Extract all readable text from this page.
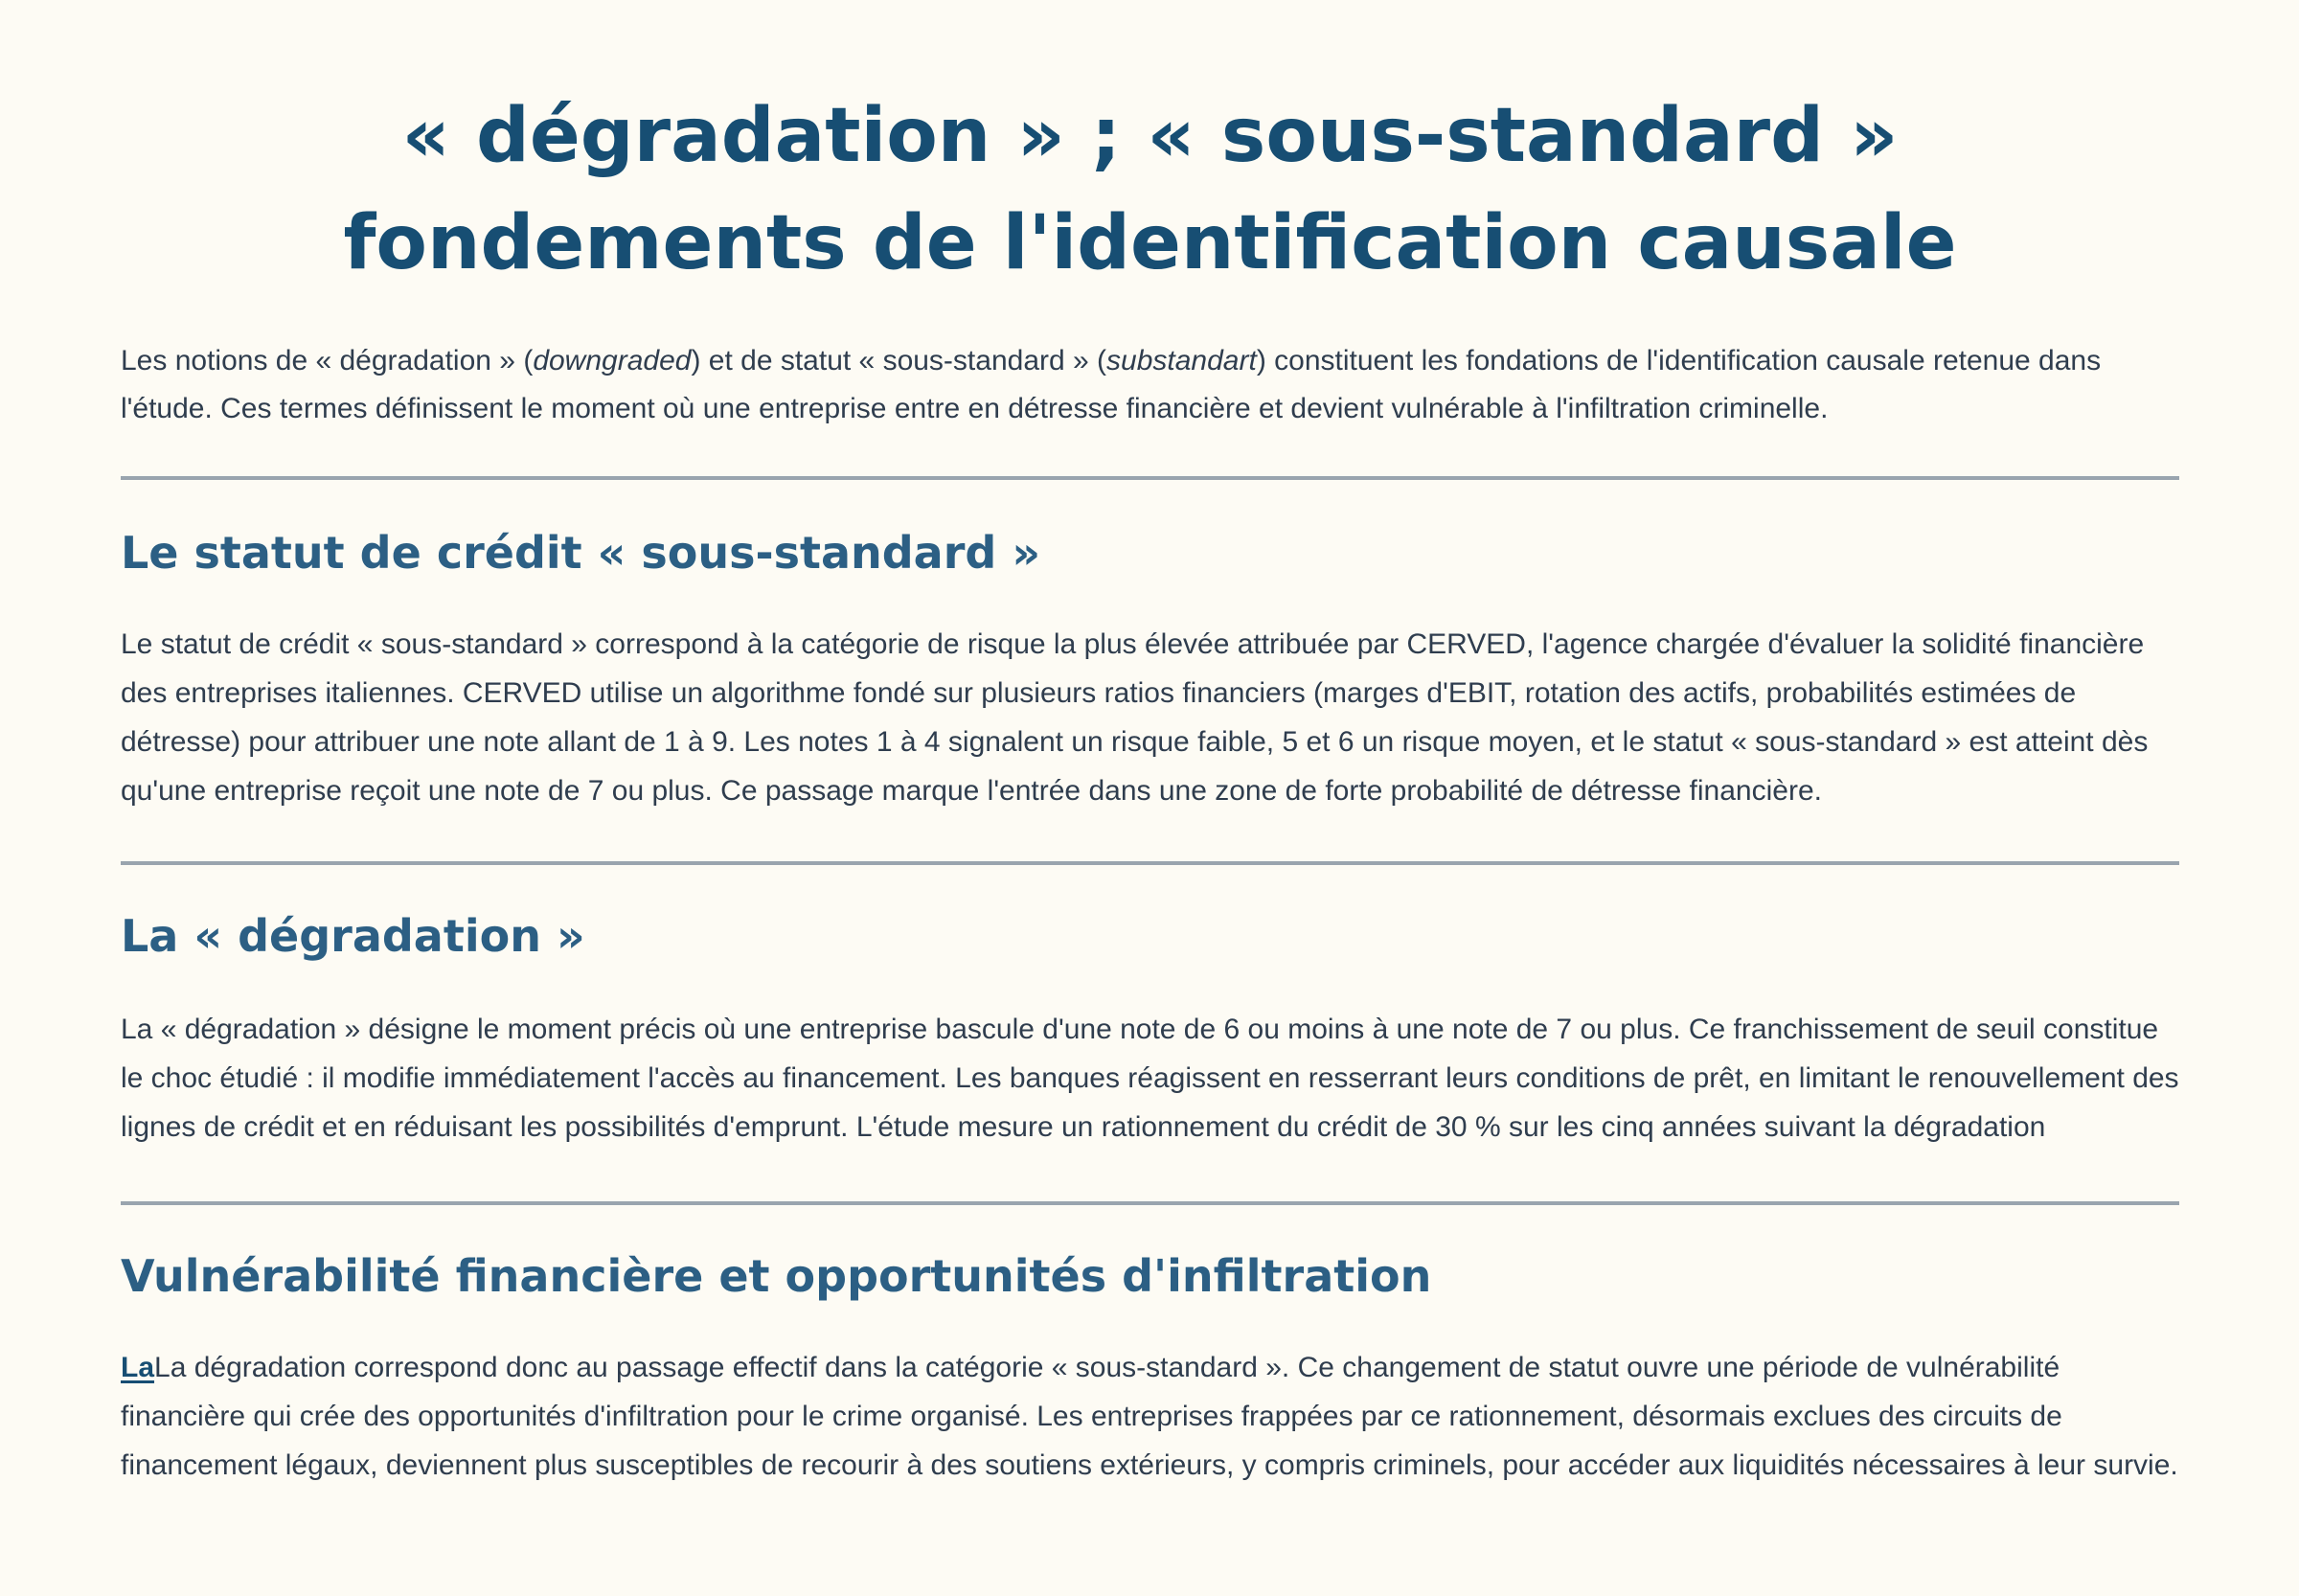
« dégradation » ; « sous-standard »
fondements de l'identification causale

Les notions de « dégradation » (downgraded) et de statut « sous-standard » (substandart) constituent les fondations de l'identification causale retenue dans l'étude. Ces termes définissent le moment où une entreprise entre en détresse financière et devient vulnérable à l'infiltration criminelle.

Le statut de crédit « sous-standard »

Le statut de crédit « sous-standard » correspond à la catégorie de risque la plus élevée attribuée par CERVED, l'agence chargée d'évaluer la solidité financière des entreprises italiennes. CERVED utilise un algorithme fondé sur plusieurs ratios financiers (marges d'EBIT, rotation des actifs, probabilités estimées de détresse) pour attribuer une note allant de 1 à 9. Les notes 1 à 4 signalent un risque faible, 5 et 6 un risque moyen, et le statut « sous-standard » est atteint dès qu'une entreprise reçoit une note de 7 ou plus. Ce passage marque l'entrée dans une zone de forte probabilité de détresse financière.

La « dégradation »

La « dégradation » désigne le moment précis où une entreprise bascule d'une note de 6 ou moins à une note de 7 ou plus. Ce franchissement de seuil constitue le choc étudié : il modifie immédiatement l'accès au financement. Les banques réagissent en resserrant leurs conditions de prêt, en limitant le renouvellement des lignes de crédit et en réduisant les possibilités d'emprunt. L'étude mesure un rationnement du crédit de 30 % sur les cinq années suivant la dégradation

Vulnérabilité financière et opportunités d'infiltration

LaLa dégradation correspond donc au passage effectif dans la catégorie « sous-standard ». Ce changement de statut ouvre une période de vulnérabilité financière qui crée des opportunités d'infiltration pour le crime organisé. Les entreprises frappées par ce rationnement, désormais exclues des circuits de financement légaux, deviennent plus susceptibles de recourir à des soutiens extérieurs, y compris criminels, pour accéder aux liquidités nécessaires à leur survie.
